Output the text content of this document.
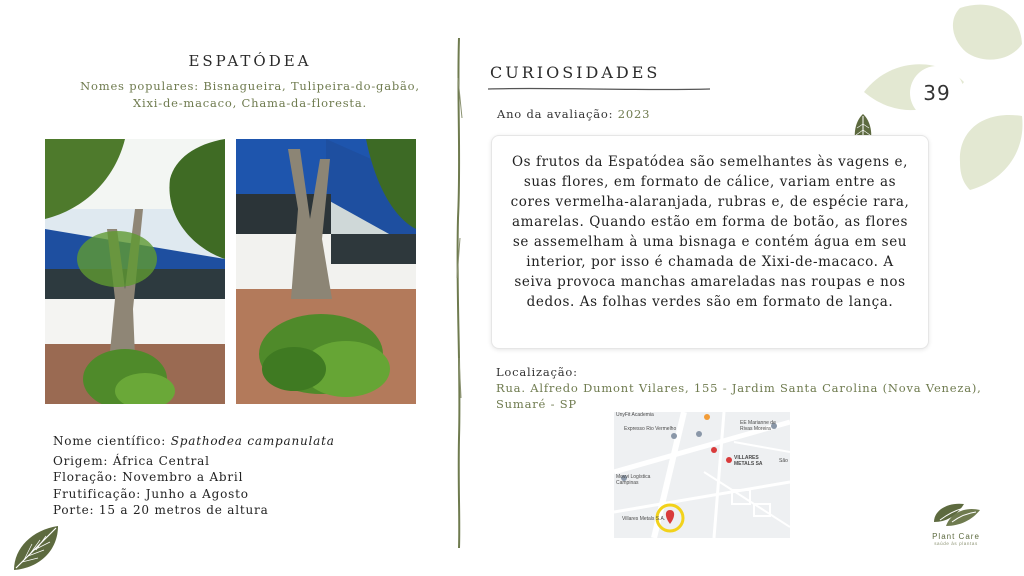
39
ESPATÓDEA
Nomes populares: Bisnagueira, Tulipeira-do-gabão,
Xixi-de-macaco, Chama-da-floresta.
Nome científico: Spathodea campanulata
Origem: África Central
Floração: Novembro a Abril
Frutificação: Junho a Agosto
Porte: 15 a 20 metros de altura
CURIOSIDADES
Ano da avaliação: 2023
Os frutos da Espatódea são semelhantes às vagens e, suas flores, em formato de cálice, variam entre as cores vermelha-alaranjada, rubras e, de espécie rara, amarelas. Quando estão em forma de botão, as flores se assemelham à uma bisnaga e contém água em seu interior, por isso é chamada de Xixi-de-macaco. A seiva provoca manchas amareladas nas roupas e nos dedos. As folhas verdes são em formato de lança.
Localização:
Rua. Alfredo Dumont Vilares, 155 - Jardim Santa Carolina (Nova Veneza),
Sumaré - SP
UnyFit Academia
Expresso Rio Vermelho
EE Marianne de Rivas Moreira
VILLARES METALS SA	São
Movvi Logística Campinas
Villares Metals S.A.
Plant Care
saúde às plantas
